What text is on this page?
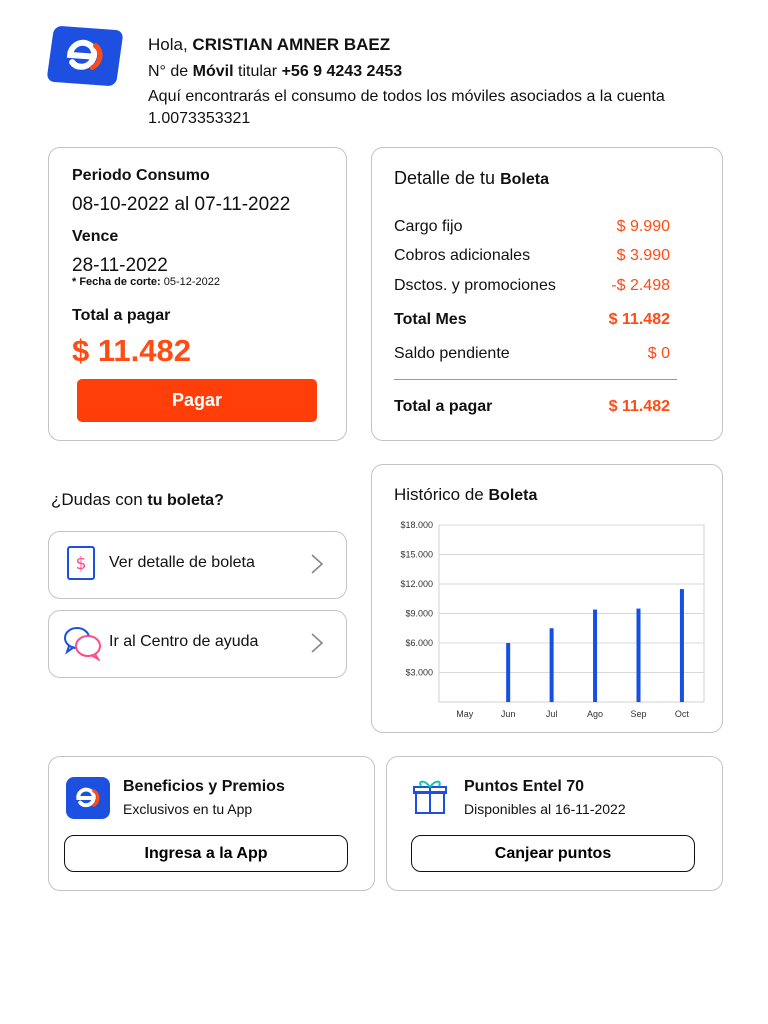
Hola, CRISTIAN AMNER BAEZ
N° de Móvil titular +56 9 4243 2453
Aquí encontrarás el consumo de todos los móviles asociados a la cuenta 1.0073353321
Periodo Consumo
08-10-2022 al 07-11-2022
Vence
28-11-2022
* Fecha de corte: 05-12-2022
Total a pagar
$ 11.482
Pagar
Detalle de tu Boleta
Cargo fijo	$ 9.990
Cobros adicionales	$ 3.990
Dsctos. y promociones	-$ 2.498
Total Mes	$ 11.482
Saldo pendiente	$ 0
Total a pagar	$ 11.482
¿Dudas con tu boleta?
$ Ver detalle de boleta
Ir al Centro de ayuda
Histórico de Boleta
$3.000
$6.000
$9.000
$12.000
$15.000
$18.000
May	Jun	Jul	Ago	Sep	Oct
Beneficios y Premios
Exclusivos en tu App
Ingresa a la App
Puntos Entel 70
Disponibles al 16-11-2022
Canjear puntos
